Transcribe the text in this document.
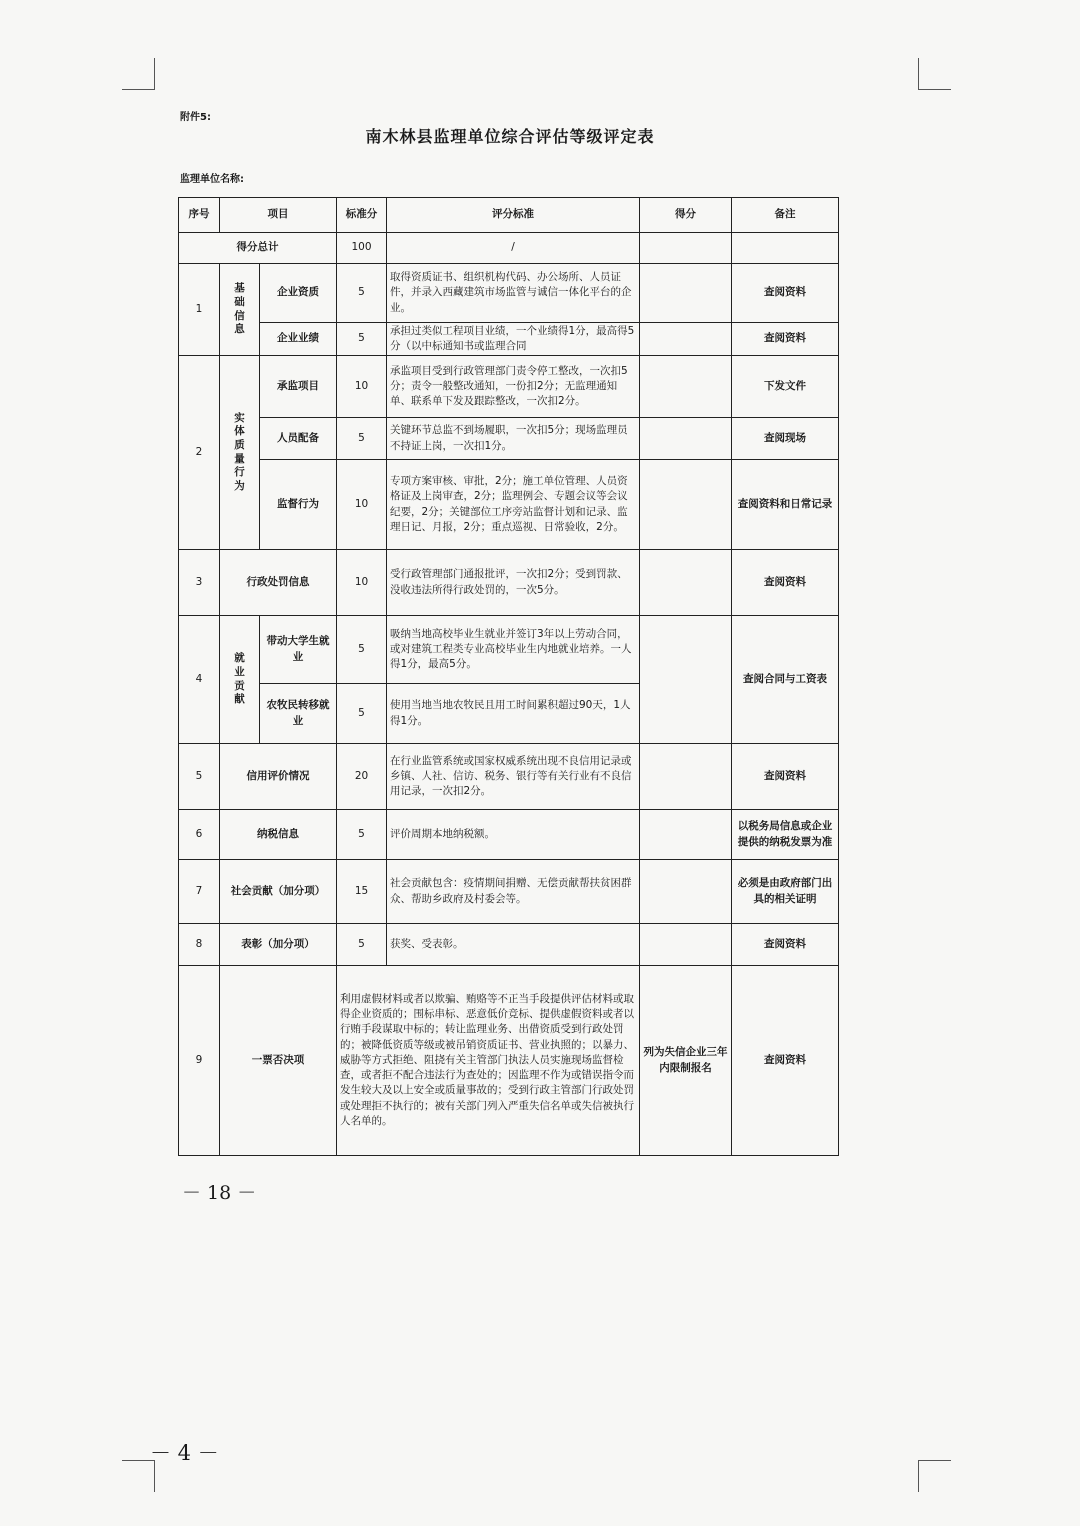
附件5:
南木林县监理单位综合评估等级评定表
监理单位名称:
序号	项目		标准分	评分标准	得分	备注
得分总计			100	/		
1	基础信息	企业资质	5	取得资质证书、组织机构代码、办公场所、人员证件，并录入西藏建筑市场监管与诚信一体化平台的企业。		查阅资料
		企业业绩	5	承担过类似工程项目业绩，一个业绩得1分，最高得5分（以中标通知书或监理合同		查阅资料
2	实体质量行为	承监项目	10	承监项目受到行政管理部门责令停工整改，一次扣5分；责令一般整改通知，一份扣2分；无监理通知单、联系单下发及跟踪整改，一次扣2分。		下发文件
		人员配备	5	关键环节总监不到场履职，一次扣5分；现场监理员不持证上岗，一次扣1分。		查阅现场
		监督行为	10	专项方案审核、审批，2分；施工单位管理、人员资格证及上岗审查，2分；监理例会、专题会议等会议纪要，2分；关键部位工序旁站监督计划和记录、监理日记、月报，2分；重点巡视、日常验收，2分。		查阅资料和日常记录
3	行政处罚信息		10	受行政管理部门通报批评，一次扣2分；受到罚款、没收违法所得行政处罚的，一次5分。		查阅资料
4	就业贡献	带动大学生就业	5	吸纳当地高校毕业生就业并签订3年以上劳动合同，或对建筑工程类专业高校毕业生内地就业培养。一人得1分，最高5分。		查阅合同与工资表
		农牧民转移就业	5	使用当地当地农牧民且用工时间累积超过90天，1人得1分。		
5	信用评价情况		20	在行业监管系统或国家权威系统出现不良信用记录或乡镇、人社、信访、税务、银行等有关行业有不良信用记录，一次扣2分。		查阅资料
6	纳税信息		5	评价周期本地纳税额。		以税务局信息或企业提供的纳税发票为准
7	社会贡献（加分项）		15	社会贡献包含：疫情期间捐赠、无偿贡献帮扶贫困群众、帮助乡政府及村委会等。		必须是由政府部门出具的相关证明
8	表彰（加分项）		5	获奖、受表彰。		查阅资料
9	一票否决项		利用虚假材料或者以欺骗、贿赂等不正当手段提供评估材料或取得企业资质的；围标串标、恶意低价竞标、提供虚假资料或者以行贿手段谋取中标的；转让监理业务、出借资质受到行政处罚的；被降低资质等级或被吊销资质证书、营业执照的；以暴力、威胁等方式拒绝、阻挠有关主管部门执法人员实施现场监督检查，或者拒不配合违法行为查处的；因监理不作为或错误指令而发生较大及以上安全或质量事故的；受到行政主管部门行政处罚或处理拒不执行的；被有关部门列入严重失信名单或失信被执行人名单的。		列为失信企业三年内限制报名	查阅资料
－ 18 －
－ 4 －
